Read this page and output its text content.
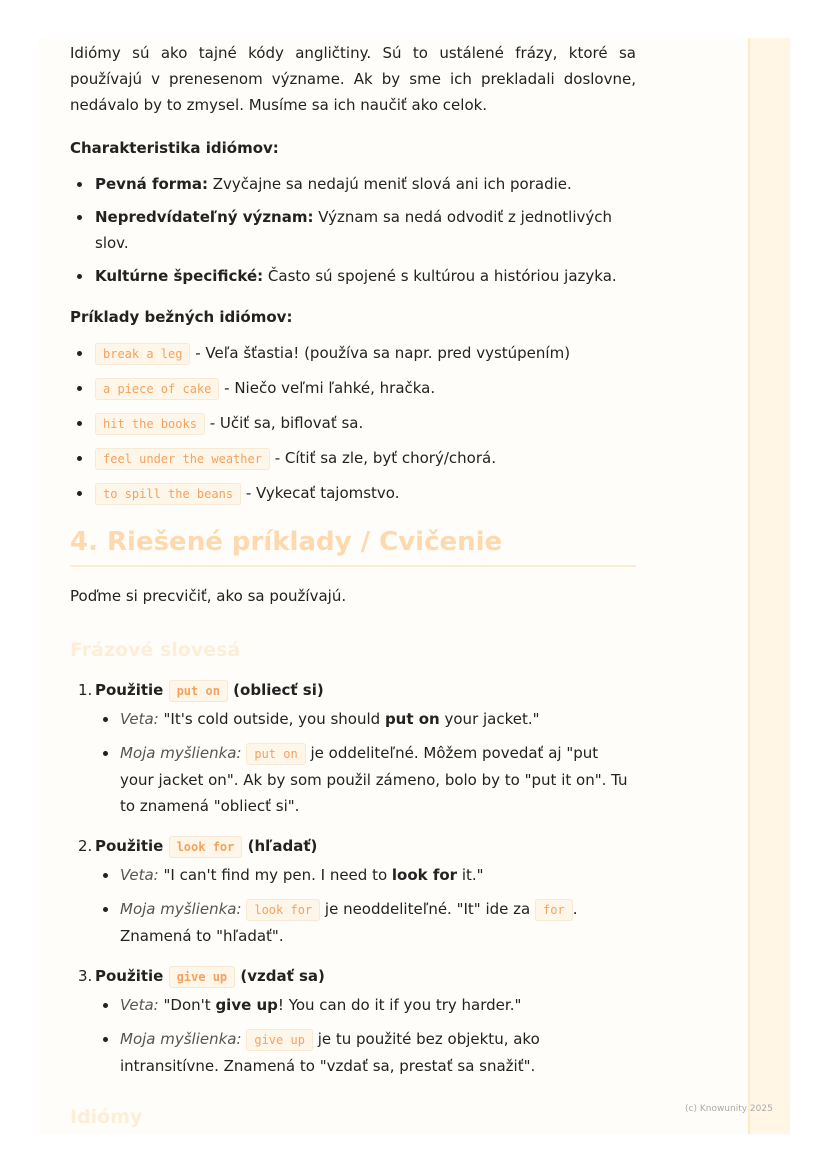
Idiómy sú ako tajné kódy angličtiny. Sú to ustálené frázy, ktoré sa používajú v prenesenom význame. Ak by sme ich prekladali doslovne, nedávalo by to zmysel. Musíme sa ich naučiť ako celok.

Charakteristika idiómov:
Pevná forma: Zvyčajne sa nedajú meniť slová ani ich poradie.
Nepredvídateľný význam: Význam sa nedá odvodiť z jednotlivých slov.
Kultúrne špecifické: Často sú spojené s kultúrou a históriou jazyka.
Príklady bežných idiómov:
break a leg - Veľa šťastia! (používa sa napr. pred vystúpením)
a piece of cake - Niečo veľmi ľahké, hračka.
hit the books - Učiť sa, biflovať sa.
feel under the weather - Cítiť sa zle, byť chorý/chorá.
to spill the beans - Vykecať tajomstvo.
4. Riešené príklady / Cvičenie

Poďme si precvičiť, ako sa používajú.

Frázové slovesá
1. Použitie put on (obliecť si)
Veta: "It's cold outside, you should put on your jacket."
Moja myšlienka: put on je oddeliteľné. Môžem povedať aj "put your jacket on". Ak by som použil zámeno, bolo by to "put it on". Tu to znamená "obliecť si".
2. Použitie look for (hľadať)
Veta: "I can't find my pen. I need to look for it."
Moja myšlienka: look for je neoddeliteľné. "It" ide za for . Znamená to "hľadať".
3. Použitie give up (vzdať sa)
Veta: "Don't give up! You can do it if you try harder."
Moja myšlienka: give up je tu použité bez objektu, ako intransitívne. Znamená to "vzdať sa, prestať sa snažiť".
Idiómy	(c) Knowunity 2025
